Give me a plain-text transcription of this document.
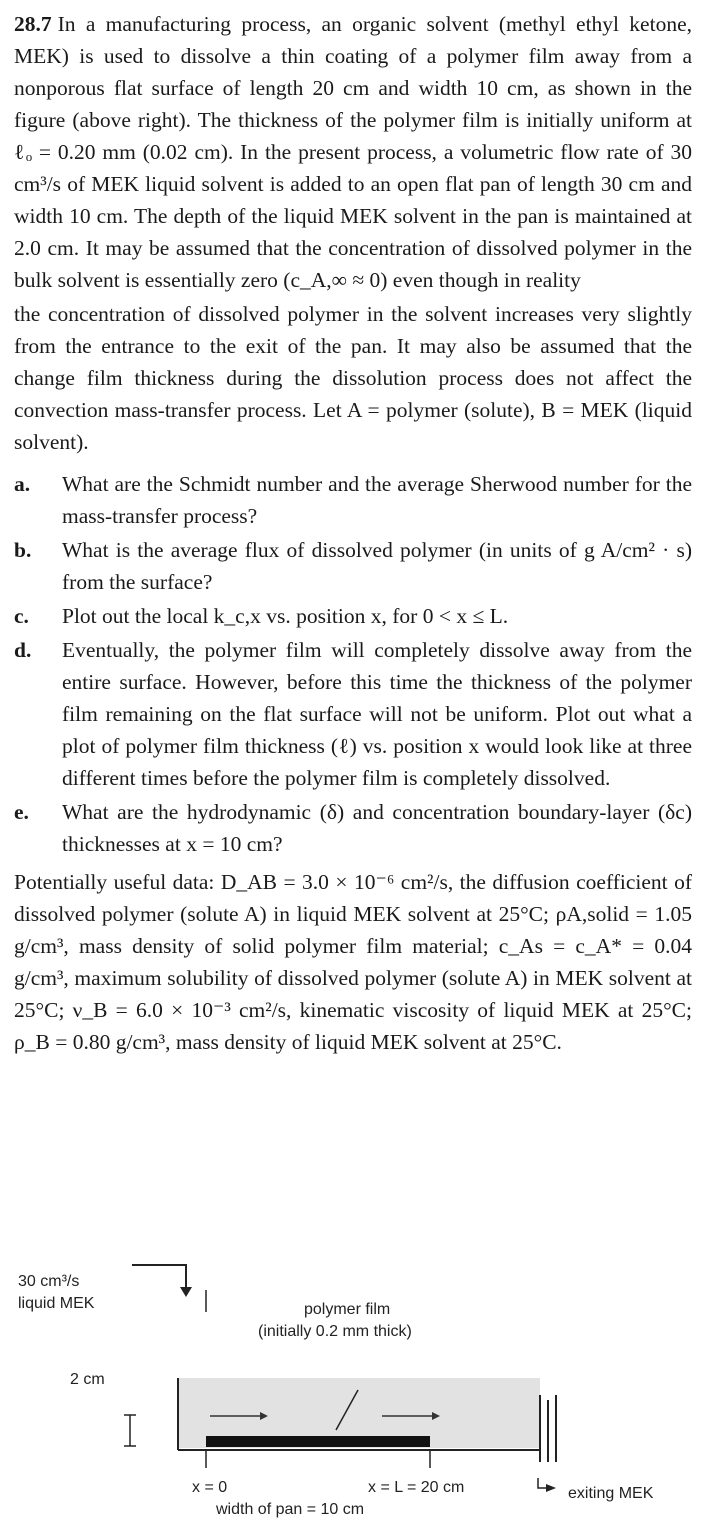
28.7 In a manufacturing process, an organic solvent (methyl ethyl ketone, MEK) is used to dissolve a thin coating of a polymer film away from a nonporous flat surface of length 20 cm and width 10 cm, as shown in the figure (above right). The thickness of the polymer film is initially uniform at ℓₒ = 0.20 mm (0.02 cm). In the present process, a volumetric flow rate of 30 cm³/s of MEK liquid solvent is added to an open flat pan of length 30 cm and width 10 cm. The depth of the liquid MEK solvent in the pan is maintained at 2.0 cm. It may be assumed that the concentration of dissolved polymer in the bulk solvent is essentially zero (c_A,∞ ≈ 0) even though in reality

the concentration of dissolved polymer in the solvent increases very slightly from the entrance to the exit of the pan. It may also be assumed that the change film thickness during the dissolution process does not affect the convection mass-transfer process. Let A = polymer (solute), B = MEK (liquid solvent).

a.	What are the Schmidt number and the average Sherwood number for the mass-transfer process?
b.	What is the average flux of dissolved polymer (in units of g A/cm² · s) from the surface?
c.	Plot out the local k_c,x vs. position x, for 0 < x ≤ L.
d.	Eventually, the polymer film will completely dissolve away from the entire surface. However, before this time the thickness of the polymer film remaining on the flat surface will not be uniform. Plot out what a plot of polymer film thickness (ℓ) vs. position x would look like at three different times before the polymer film is completely dissolved.
e.	What are the hydrodynamic (δ) and concentration boundary-layer (δc) thicknesses at x = 10 cm?

Potentially useful data: D_AB = 3.0 × 10⁻⁶ cm²/s, the diffusion coefficient of dissolved polymer (solute A) in liquid MEK solvent at 25°C; ρA,solid = 1.05 g/cm³, mass density of solid polymer film material; c_As = c_A* = 0.04 g/cm³, maximum solubility of dissolved polymer (solute A) in MEK solvent at 25°C; ν_B = 6.0 × 10⁻³ cm²/s, kinematic viscosity of liquid MEK at 25°C; ρ_B = 0.80 g/cm³, mass density of liquid MEK solvent at 25°C.

30 cm³/s
liquid MEK	polymer film
(initially 0.2 mm thick)
2 cm
x = 0	x = L = 20 cm
width of pan = 10 cm
exiting MEK
